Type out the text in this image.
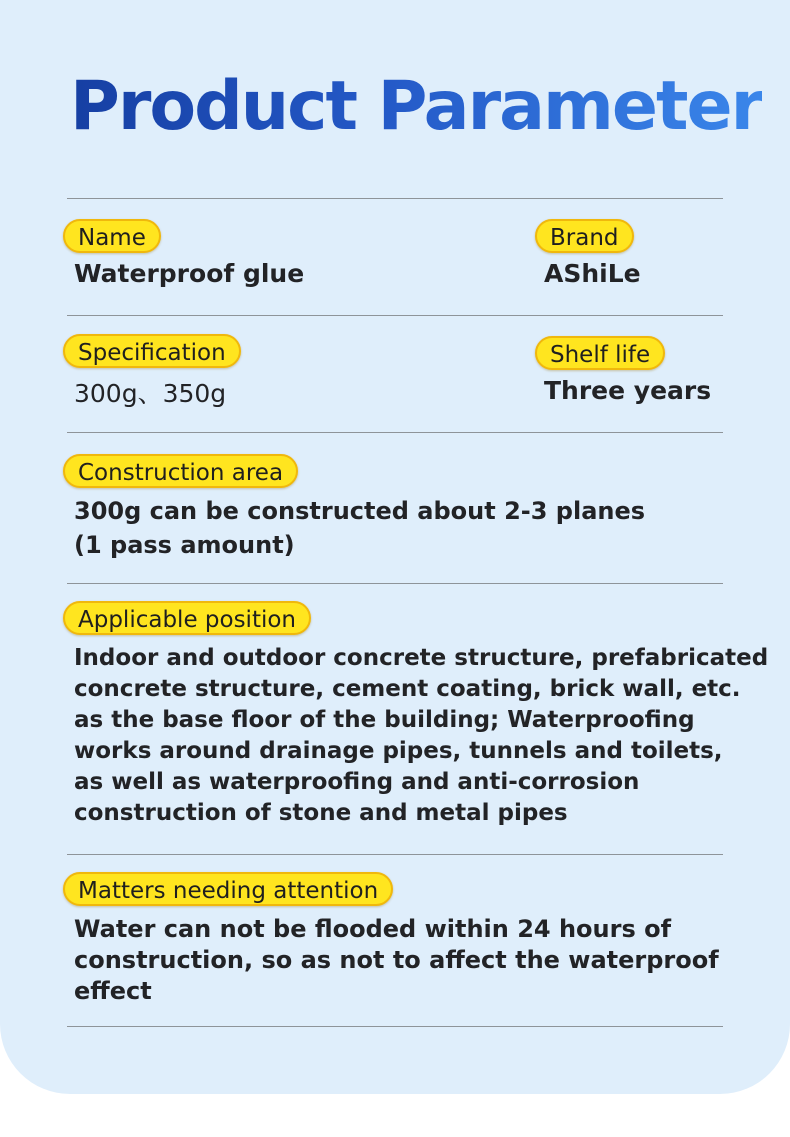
Product Parameter
Name
Waterproof glue
Brand
AShiLe
Specification
300g、350g
Shelf life
Three years
Construction area
300g can be constructed about 2-3 planes
(1 pass amount)
Applicable position
Indoor and outdoor concrete structure, prefabricated
concrete structure, cement coating, brick wall, etc.
as the base floor of the building; Waterproofing
works around drainage pipes, tunnels and toilets,
as well as waterproofing and anti-corrosion
construction of stone and metal pipes
Matters needing attention
Water can not be flooded within 24 hours of
construction, so as not to affect the waterproof
effect
